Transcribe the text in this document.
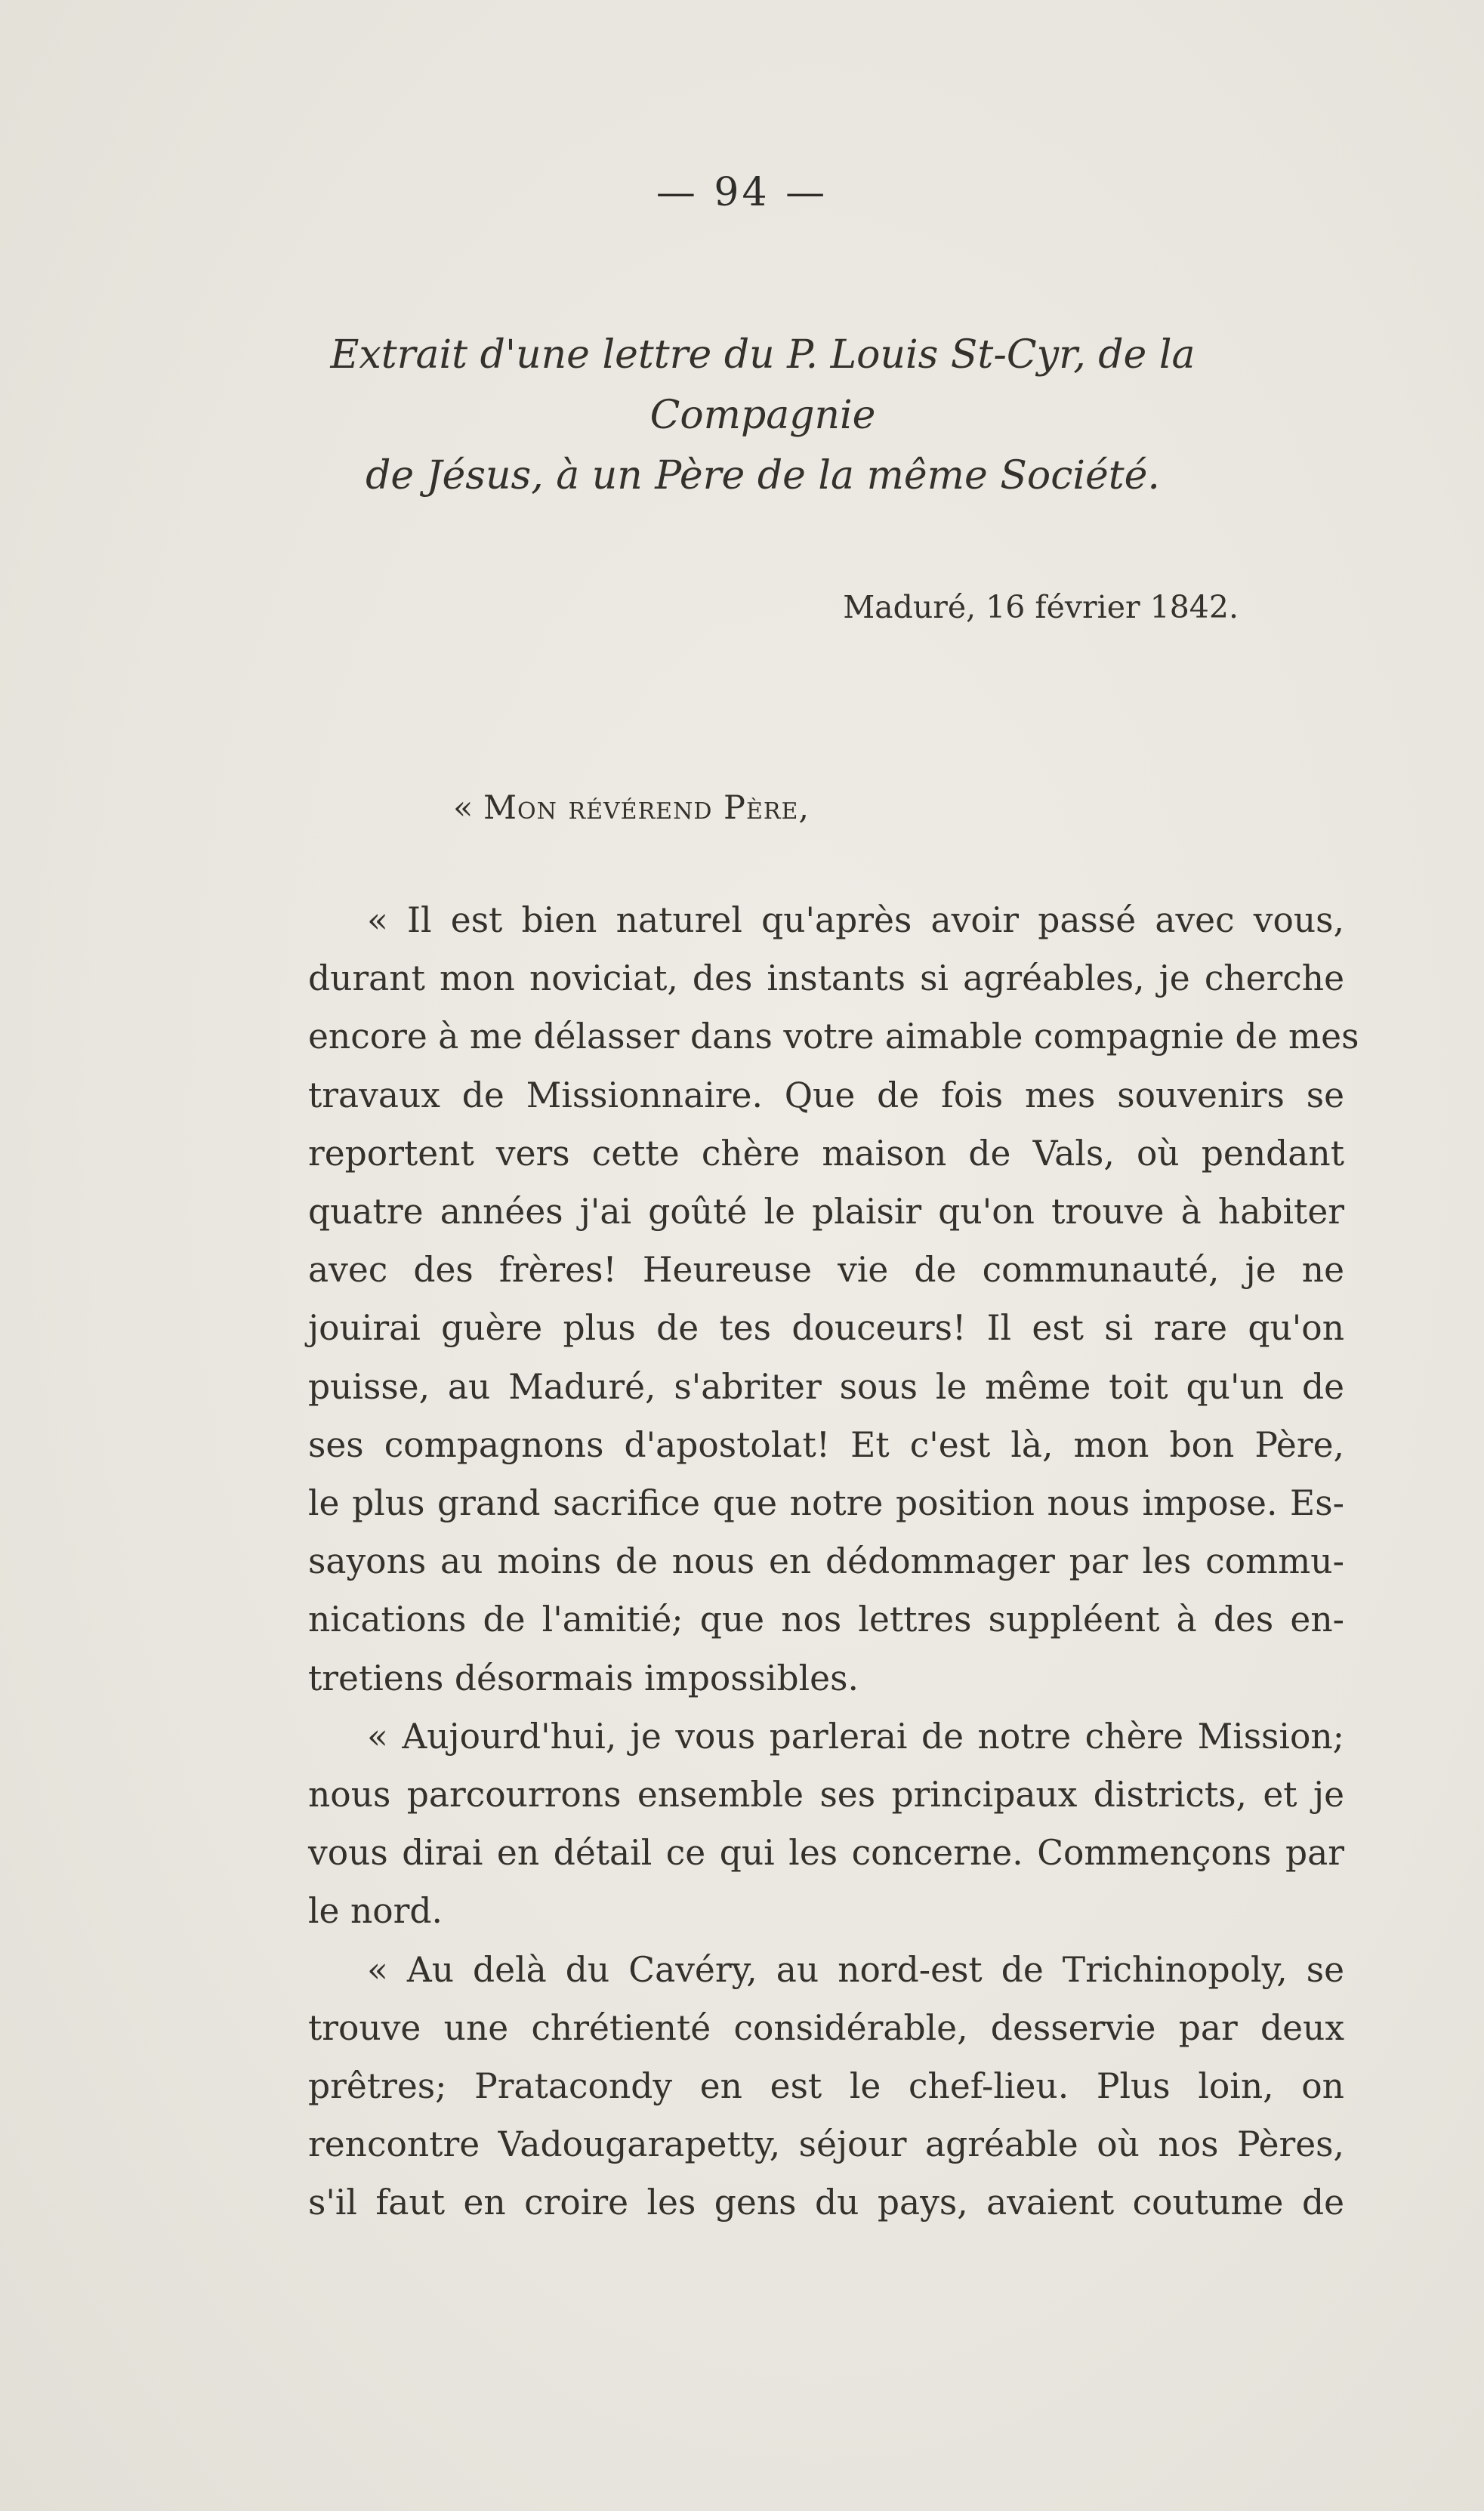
— 94 —
Extrait d'une lettre du P. Louis St-Cyr, de la Compagnie
de Jésus, à un Père de la même Société.
Maduré, 16 février 1842.
« Mon révérend Père,

« Il est bien naturel qu'après avoir passé avec vous,
durant mon noviciat, des instants si agréables, je cherche
encore à me délasser dans votre aimable compagnie de mes
travaux de Missionnaire. Que de fois mes souvenirs se
reportent vers cette chère maison de Vals, où pendant
quatre années j'ai goûté le plaisir qu'on trouve à habiter
avec des frères! Heureuse vie de communauté, je ne
jouirai guère plus de tes douceurs! Il est si rare qu'on
puisse, au Maduré, s'abriter sous le même toit qu'un de
ses compagnons d'apostolat! Et c'est là, mon bon Père,
le plus grand sacrifice que notre position nous impose. Es-
sayons au moins de nous en dédommager par les commu-
nications de l'amitié; que nos lettres suppléent à des en-
tretiens désormais impossibles.

« Aujourd'hui, je vous parlerai de notre chère Mission;
nous parcourrons ensemble ses principaux districts, et je
vous dirai en détail ce qui les concerne. Commençons par
le nord.

« Au delà du Cavéry, au nord-est de Trichinopoly, se
trouve une chrétienté considérable, desservie par deux
prêtres; Pratacondy en est le chef-lieu. Plus loin, on
rencontre Vadougarapetty, séjour agréable où nos Pères,
s'il faut en croire les gens du pays, avaient coutume de
